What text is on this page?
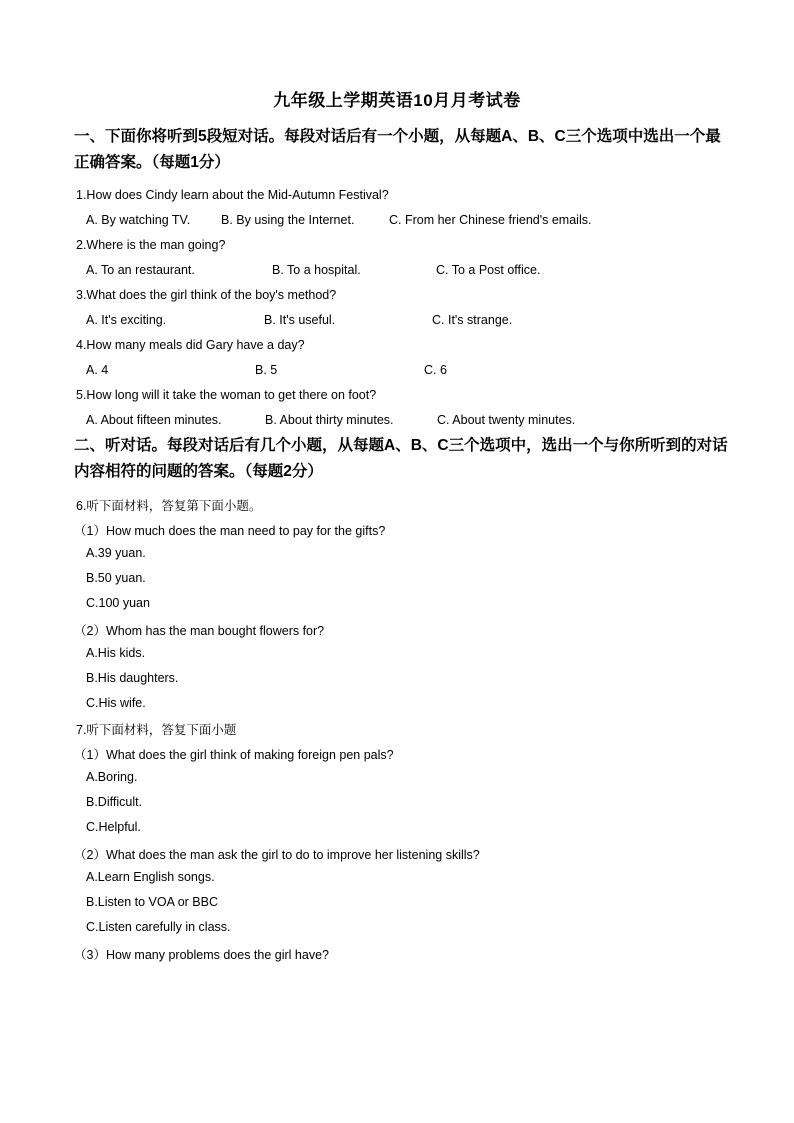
九年级上学期英语10月月考试卷
一、下面你将听到5段短对话。每段对话后有一个小题，从每题A、B、C三个选项中选出一个最正确答案。（每题1分）
1.How does Cindy learn about the Mid-Autumn Festival?
A. By watching TV. B. By using the Internet.	C. From her Chinese friend's emails.
2.Where is the man going?
A. To an restaurant.	B. To a hospital.	C. To a Post office.
3.What does the girl think of the boy's method?
A. It's exciting.	B. It's useful.	C. It's strange.
4.How many meals did Gary have a day?
A. 4	B. 5	C. 6
5.How long will it take the woman to get there on foot?
A. About fifteen minutes.	B. About thirty minutes.	C. About twenty minutes.
二、听对话。每段对话后有几个小题，从每题A、B、C三个选项中，选出一个与你所听到的对话内容相符的问题的答案。（每题2分）
6.听下面材料，答复第下面小题。
（1）How much does the man need to pay for the gifts?
A.39 yuan.
B.50 yuan.
C.100 yuan
（2）Whom has the man bought flowers for?
A.His kids.
B.His daughters.
C.His wife.
7.听下面材料，答复下面小题
（1）What does the girl think of making foreign pen pals?
A.Boring.
B.Difficult.
C.Helpful.
（2）What does the man ask the girl to do to improve her listening skills?
A.Learn English songs.
B.Listen to VOA or BBC
C.Listen carefully in class.
（3）How many problems does the girl have?
